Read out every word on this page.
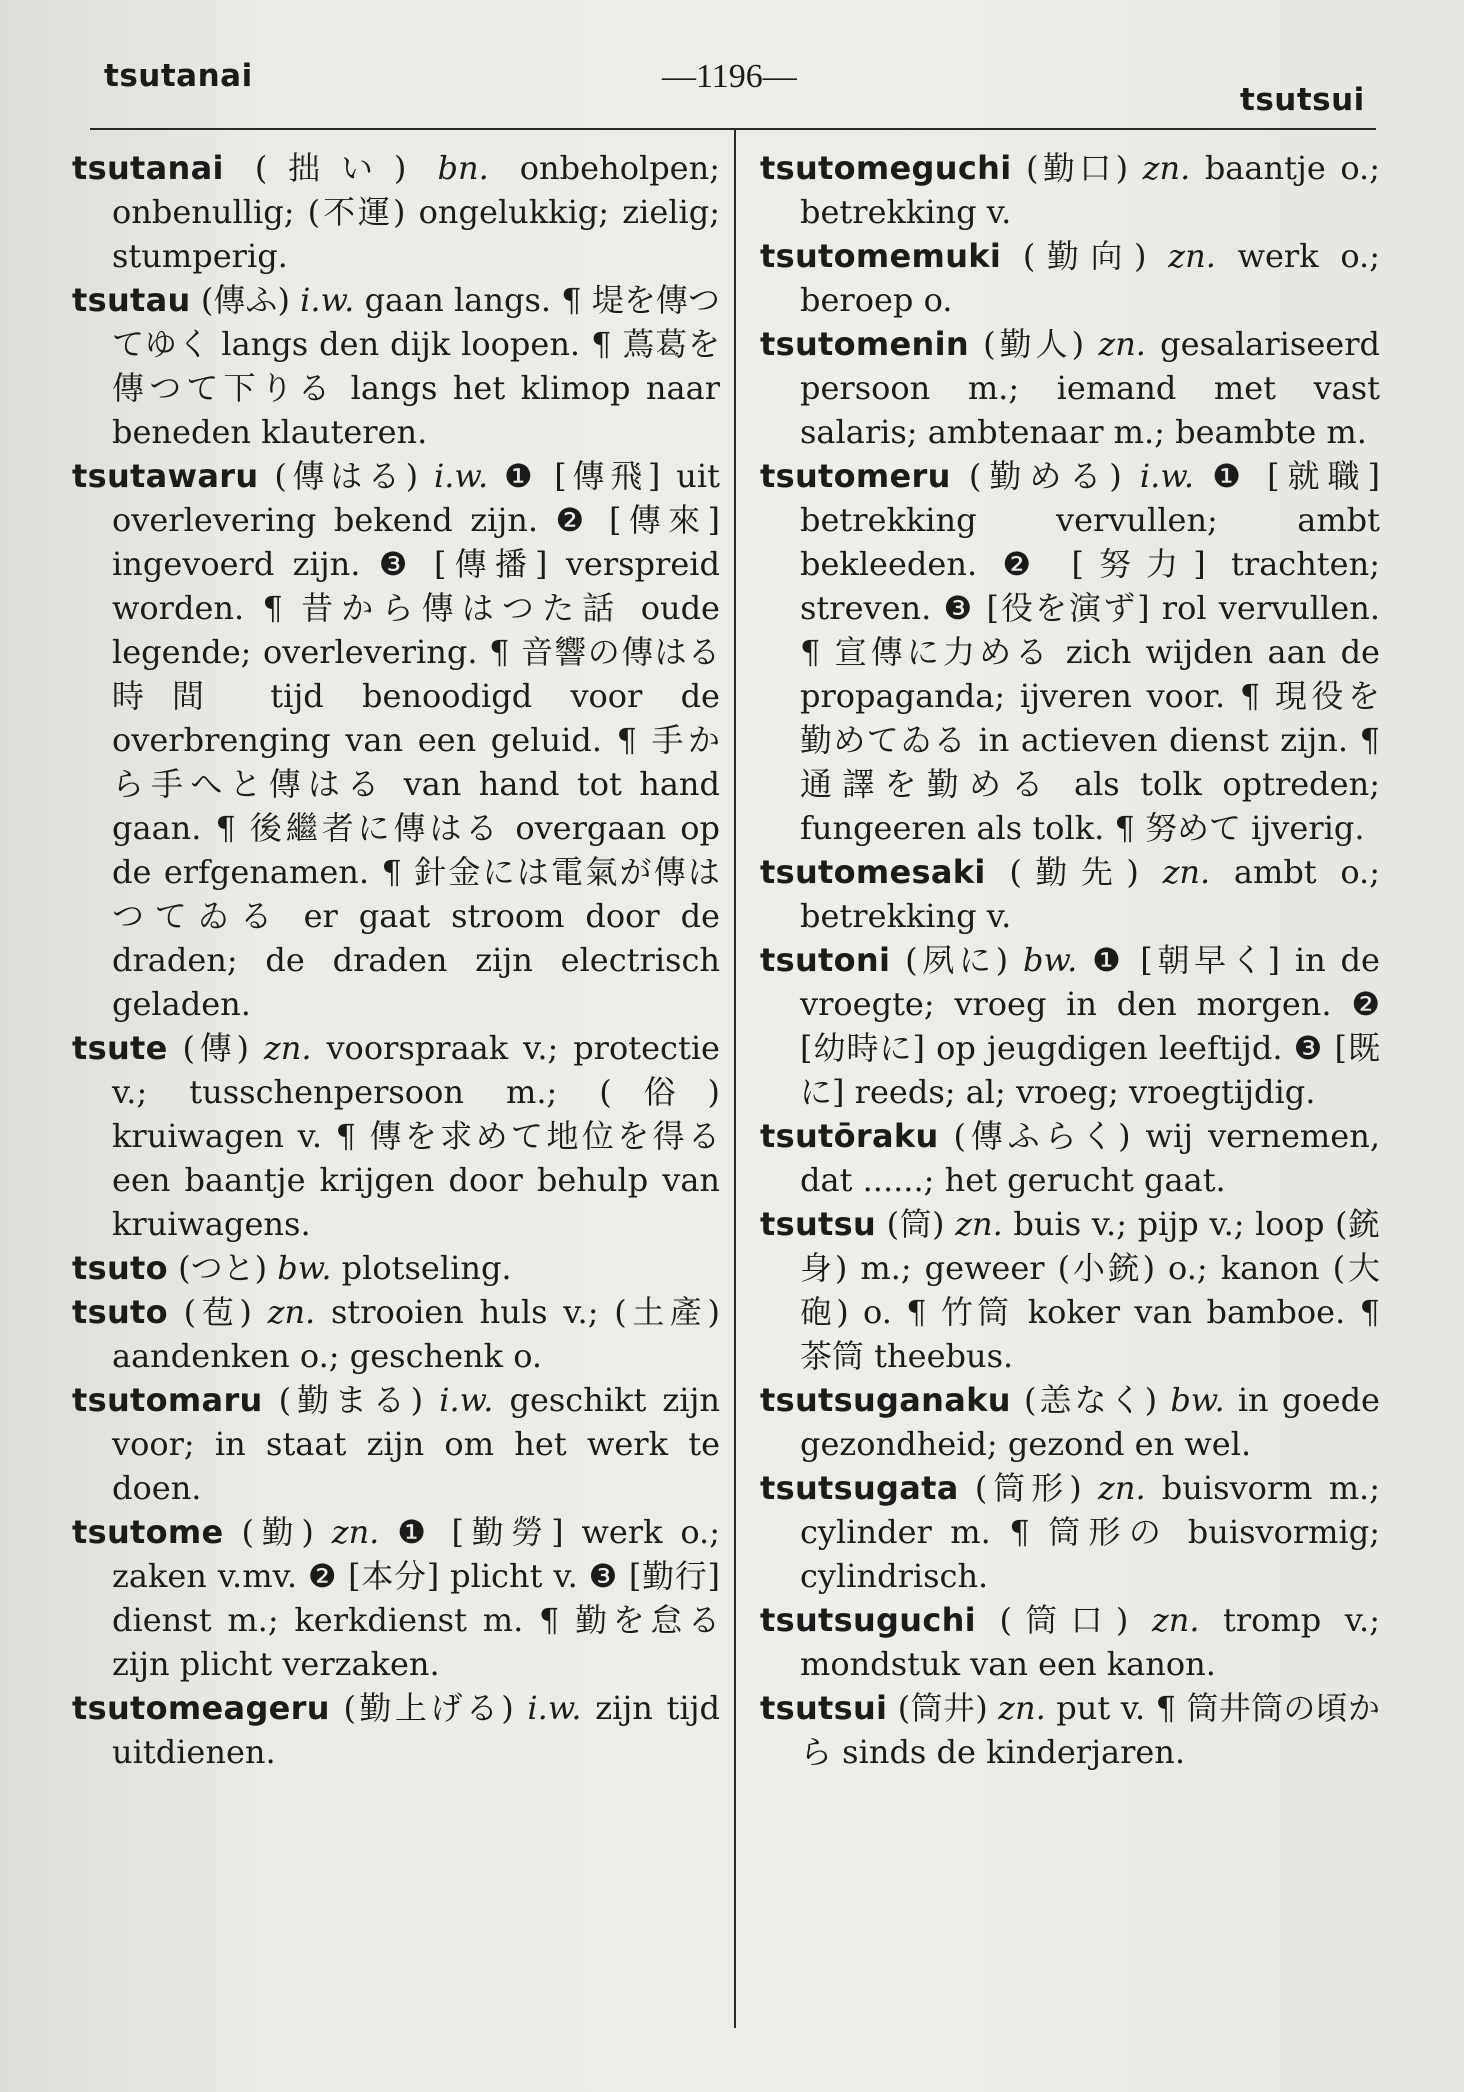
tsutanai	—1196—
tsutsui

tsutanai (拙い) bn. onbeholpen; onbenullig; (不運) ongelukkig; zielig; stumperig.

tsutau (傳ふ) i.w. gaan langs. ¶ 堤を傳つてゆく langs den dijk loopen. ¶ 蔦葛を傳つて下りる langs het klimop naar beneden klauteren.

tsutawaru (傳はる) i.w. ❶ [傳飛] uit overlevering bekend zijn. ❷ [傳來] ingevoerd zijn. ❸ [傳播] verspreid worden. ¶ 昔から傳はつた話 oude legende; overlevering. ¶ 音響の傳はる時間 tijd benoodigd voor de overbrenging van een geluid. ¶ 手から手へと傳はる van hand tot hand gaan. ¶ 後繼者に傳はる overgaan op de erfgenamen. ¶ 針金には電氣が傳はつてゐる er gaat stroom door de draden; de draden zijn electrisch geladen.

tsute (傳) zn. voorspraak v.; protectie v.; tusschenpersoon m.; (俗) kruiwagen v. ¶ 傳を求めて地位を得る een baantje krijgen door behulp van kruiwagens.

tsuto (つと) bw. plotseling.

tsuto (苞) zn. strooien huls v.; (土產) aandenken o.; geschenk o.

tsutomaru (勤まる) i.w. geschikt zijn voor; in staat zijn om het werk te doen.

tsutome (勤) zn. ❶ [勤勞] werk o.; zaken v.mv. ❷ [本分] plicht v. ❸ [勤行] dienst m.; kerkdienst m. ¶ 勤を怠る zijn plicht verzaken.

tsutomeageru (勤上げる) i.w. zijn tijd uitdienen.

tsutomeguchi (勤口) zn. baantje o.; betrekking v.

tsutomemuki (勤向) zn. werk o.; beroep o.

tsutomenin (勤人) zn. gesalariseerd persoon m.; iemand met vast salaris; ambtenaar m.; beambte m.

tsutomeru (勤める) i.w. ❶ [就職] betrekking vervullen; ambt bekleeden. ❷ [努力] trachten; streven. ❸ [役を演ず] rol vervullen. ¶ 宣傳に力める zich wijden aan de propaganda; ijveren voor. ¶ 現役を勤めてゐる in actieven dienst zijn. ¶ 通譯を勤める als tolk optreden; fungeeren als tolk. ¶ 努めて ijverig.

tsutomesaki (勤先) zn. ambt o.; betrekking v.

tsutoni (夙に) bw. ❶ [朝早く] in de vroegte; vroeg in den morgen. ❷ [幼時に] op jeugdigen leeftijd. ❸ [既に] reeds; al; vroeg; vroegtijdig.

tsutōraku (傳ふらく) wij vernemen, dat ......; het gerucht gaat.

tsutsu (筒) zn. buis v.; pijp v.; loop (銃身) m.; geweer (小銃) o.; kanon (大砲) o. ¶ 竹筒 koker van bamboe. ¶ 茶筒 theebus.

tsutsuganaku (恙なく) bw. in goede gezondheid; gezond en wel.

tsutsugata (筒形) zn. buisvorm m.; cylinder m. ¶ 筒形の buisvormig; cylindrisch.

tsutsuguchi (筒口) zn. tromp v.; mondstuk van een kanon.

tsutsui (筒井) zn. put v. ¶ 筒井筒の頃から sinds de kinderjaren.
